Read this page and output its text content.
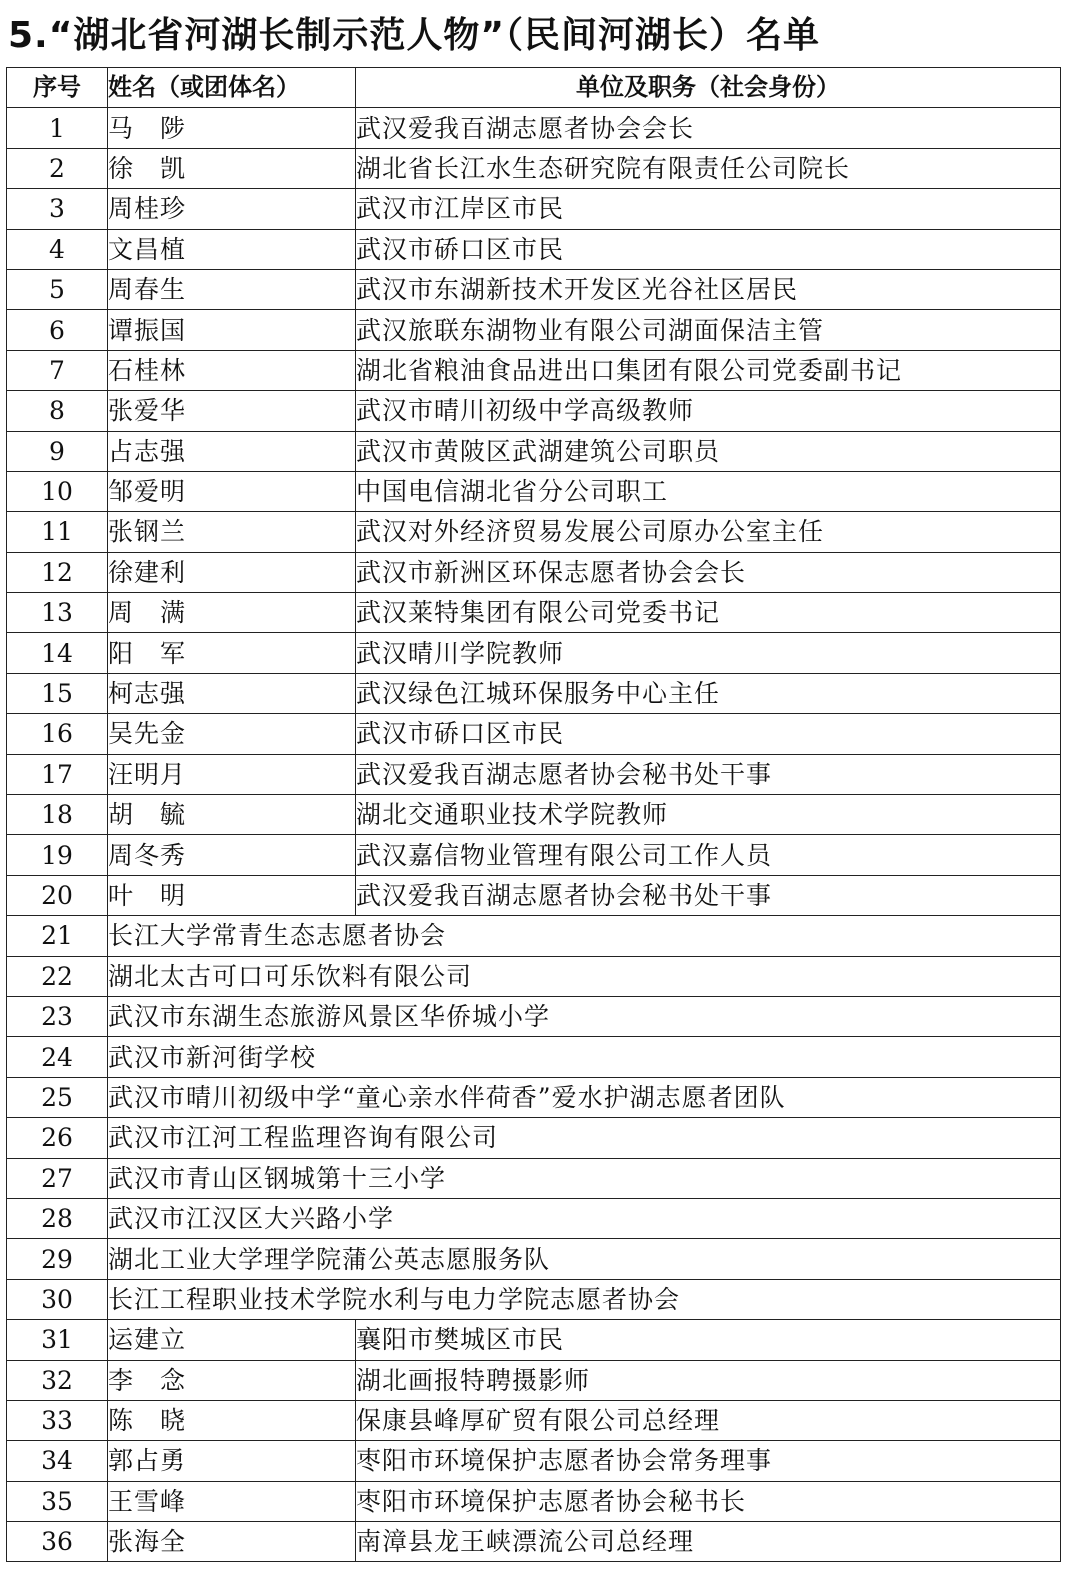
5.“湖北省河湖长制示范人物”（民间河湖长）名单
序号	姓名（或团体名）	单位及职务（社会身份）
1	马　陟	武汉爱我百湖志愿者协会会长
2	徐　凯	湖北省长江水生态研究院有限责任公司院长
3	周桂珍	武汉市江岸区市民
4	文昌植	武汉市硚口区市民
5	周春生	武汉市东湖新技术开发区光谷社区居民
6	谭振国	武汉旅联东湖物业有限公司湖面保洁主管
7	石桂林	湖北省粮油食品进出口集团有限公司党委副书记
8	张爱华	武汉市晴川初级中学高级教师
9	占志强	武汉市黄陂区武湖建筑公司职员
10	邹爱明	中国电信湖北省分公司职工
11	张钢兰	武汉对外经济贸易发展公司原办公室主任
12	徐建利	武汉市新洲区环保志愿者协会会长
13	周　满	武汉莱特集团有限公司党委书记
14	阳　军	武汉晴川学院教师
15	柯志强	武汉绿色江城环保服务中心主任
16	吴先金	武汉市硚口区市民
17	汪明月	武汉爱我百湖志愿者协会秘书处干事
18	胡　毓	湖北交通职业技术学院教师
19	周冬秀	武汉嘉信物业管理有限公司工作人员
20	叶　明	武汉爱我百湖志愿者协会秘书处干事
21	长江大学常青生态志愿者协会	
22	湖北太古可口可乐饮料有限公司	
23	武汉市东湖生态旅游风景区华侨城小学	
24	武汉市新河街学校	
25	武汉市晴川初级中学“童心亲水伴荷香”爱水护湖志愿者团队	
26	武汉市江河工程监理咨询有限公司	
27	武汉市青山区钢城第十三小学	
28	武汉市江汉区大兴路小学	
29	湖北工业大学理学院蒲公英志愿服务队	
30	长江工程职业技术学院水利与电力学院志愿者协会	
31	运建立	襄阳市樊城区市民
32	李　念	湖北画报特聘摄影师
33	陈　晓	保康县峰厚矿贸有限公司总经理
34	郭占勇	枣阳市环境保护志愿者协会常务理事
35	王雪峰	枣阳市环境保护志愿者协会秘书长
36	张海全	南漳县龙王峡漂流公司总经理
